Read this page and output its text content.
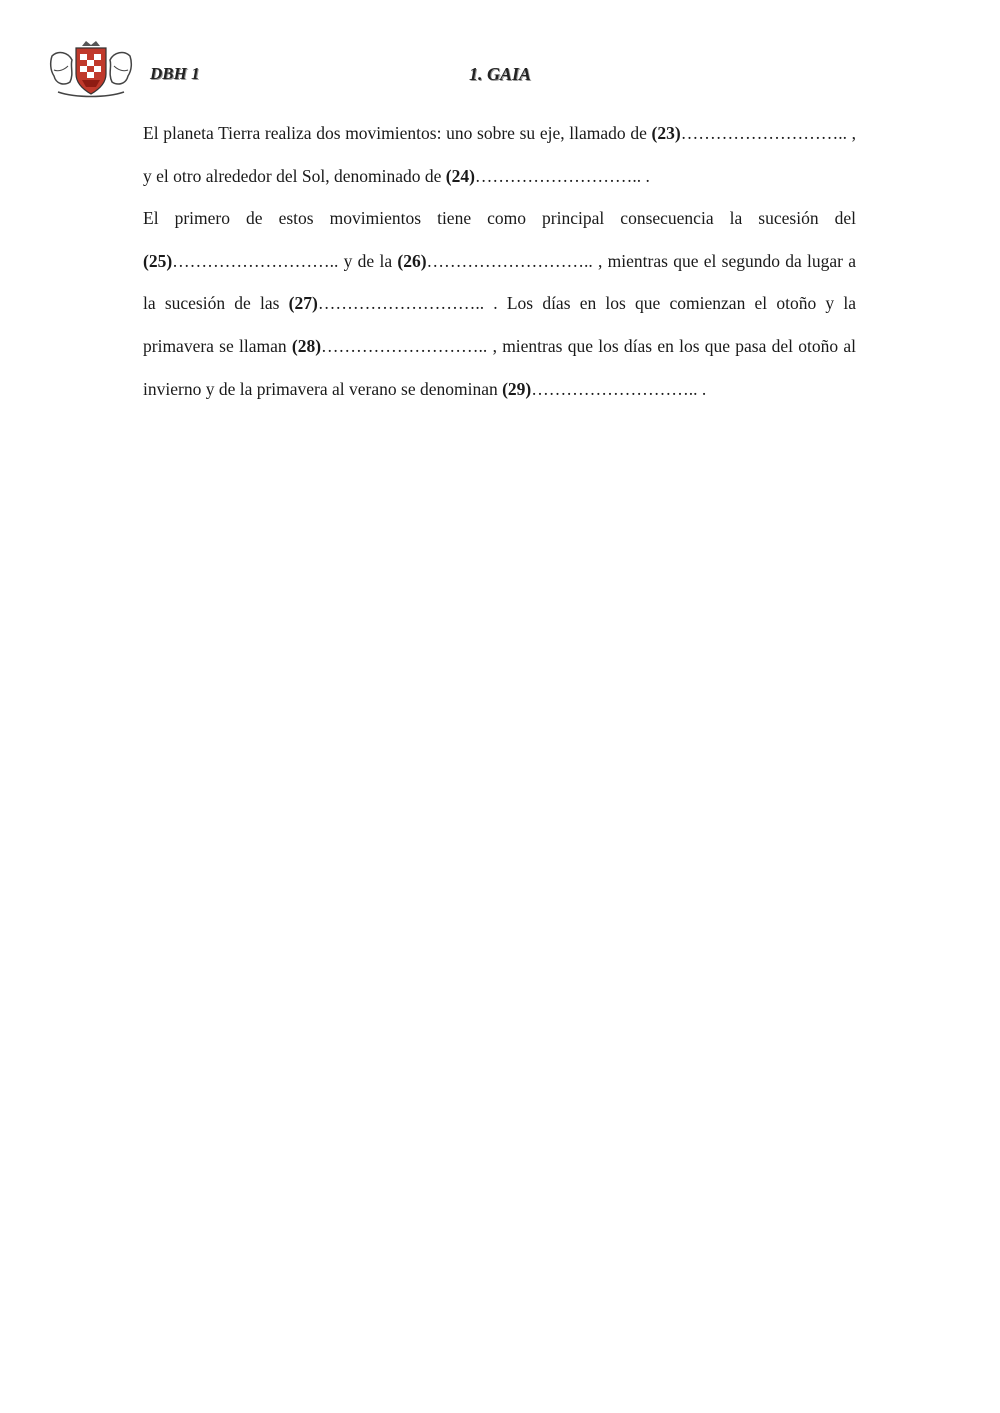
DBH 1	1. GAIA

El planeta Tierra realiza dos movimientos: uno sobre su eje, llamado de (23)……………………….. , y el otro alrededor del Sol, denominado de (24)……………………….. .

El primero de estos movimientos tiene como principal consecuencia la sucesión del (25)……………………….. y de la (26)……………………….. , mientras que el segundo da lugar a la sucesión de las (27)……………………….. . Los días en los que comienzan el otoño y la primavera se llaman (28)……………………….. , mientras que los días en los que pasa del otoño al invierno y de la primavera al verano se denominan (29)……………………….. .
